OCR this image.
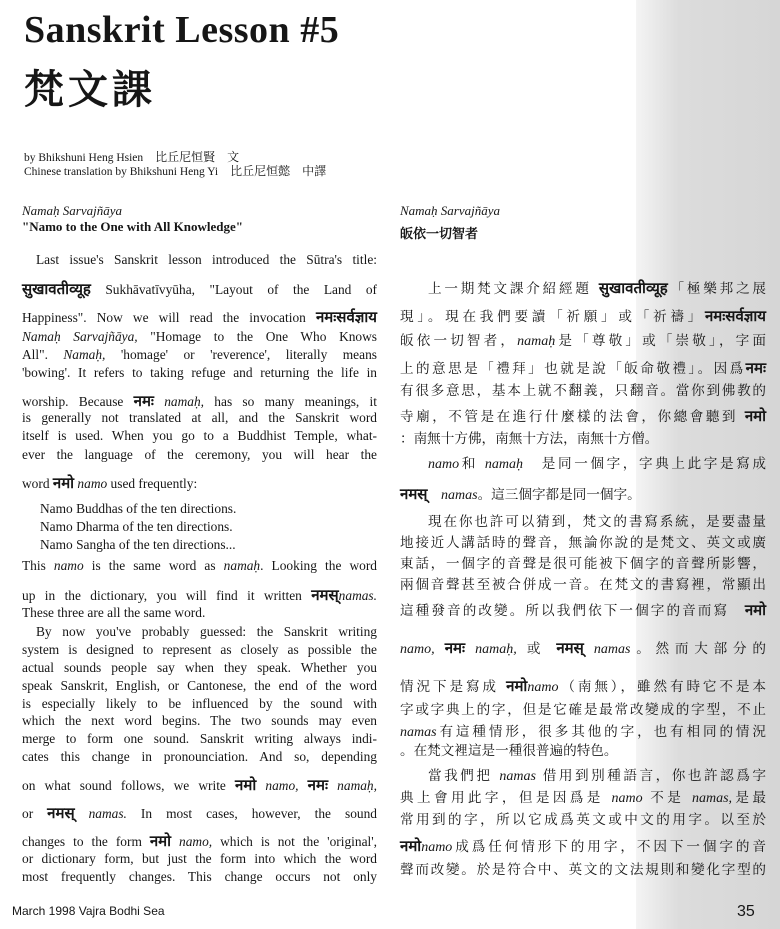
Sanskrit Lesson #5
梵文課
by Bhikshuni Heng Hsien 比丘尼恒賢　文
Chinese translation by Bhikshuni Heng Yi 比丘尼恒懿　中譯
Namaḥ Sarvajñāya
"Namo to the One with All Knowledge"
Namaḥ Sarvajñāya
皈依一切智者
Last issue's Sanskrit lesson introduced the Sūtra's title:
सुखावतीव्यूह Sukhāvatīvyūha, "Layout of the Land of
Happiness". Now we will read the invocation नमःसर्वज्ञाय
Namaḥ Sarvajñāya, "Homage to the One Who Knows
All". Namaḥ, 'homage' or 'reverence', literally means
'bowing'. It refers to taking refuge and returning the life in
worship. Because नमः namaḥ, has so many meanings, it
is generally not translated at all, and the Sanskrit word
itself is used. When you go to a Buddhist Temple, what-
ever the language of the ceremony, you will hear the
word नमो namo used frequently:
Namo Buddhas of the ten directions.
Namo Dharma of the ten directions.
Namo Sangha of the ten directions...
This namo is the same word as namaḥ. Looking the word
up in the dictionary, you will find it written नमस्namas.
These three are all the same word.
By now you've probably guessed: the Sanskrit writing
system is designed to represent as closely as possible the
actual sounds people say when they speak. Whether you
speak Sanskrit, English, or Cantonese, the end of the word
is especially likely to be influenced by the sound with
which the next word begins. The two sounds may even
merge to form one sound. Sanskrit writing always indi-
cates this change in pronounciation. And so, depending
on what sound follows, we write नमो namo, नमः namaḥ,
or नमस् namas. In most cases, however, the sound
changes to the form नमो namo, which is not the 'original',
or dictionary form, but just the form into which the word
most frequently changes. This change occurs not only
上一期梵文課介紹經題 सुखावतीव्यूह「極樂邦之展
現」。現在我們要讀「祈願」或「祈禱」नमःसर्वज्ञाय
皈依一切智者，namaḥ是「尊敬」或「崇敬」，字面
上的意思是「禮拜」也就是說「皈命敬禮」。因爲नमः
有很多意思，基本上就不翻義，只翻音。當你到佛教的
寺廟，不管是在進行什麼樣的法會，你總會聽到 नमो
：南無十方佛，南無十方法，南無十方僧。
namo和 namaḥ　是同一個字，字典上此字是寫成
नमस्　 namas。這三個字都是同一個字。
現在你也許可以猜到，梵文的書寫系統，是要盡量
地接近人講話時的聲音，無論你說的是梵文、英文或廣
東話，一個字的音聲是很可能被下個字的音聲所影響，
兩個音聲甚至被合併成一音。在梵文的書寫裡，常顯出
這種發音的改變。所以我們依下一個字的音而寫　नमो
namo, नमः namaḥ, 或 नमस् namas。然而大部分的
情況下是寫成 नमोnamo（南無），雖然有時它不是本
字或字典上的字，但是它確是最常改變成的字型，不止
namas有這種情形，很多其他的字，也有相同的情況
。在梵文裡這是一種很普遍的特色。
當我們把 namas 借用到別種語言，你也許認爲字
典上會用此字，但是因爲是 namo 不是 namas,是最
常用到的字，所以它成爲英文或中文的用字。以至於
नमोnamo成爲任何情形下的用字，不因下一個字的音
聲而改變。於是符合中、英文的文法規則和變化字型的
March 1998 Vajra Bodhi Sea	35
